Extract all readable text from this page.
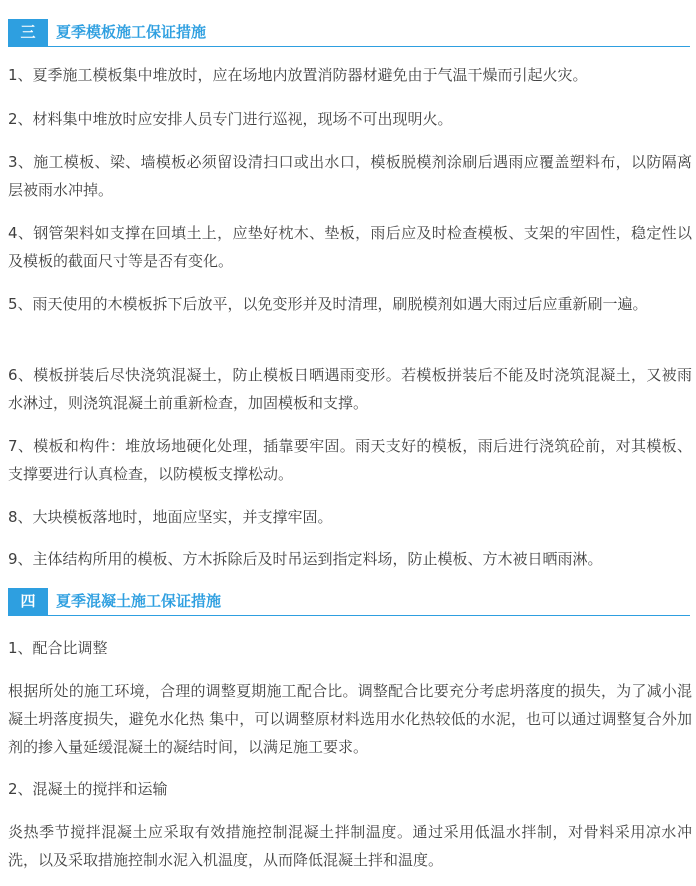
三	夏季模板施工保证措施

1、夏季施工模板集中堆放时，应在场地内放置消防器材避免由于气温干燥而引起火灾。

2、材料集中堆放时应安排人员专门进行巡视，现场不可出现明火。

3、施工模板、梁、墙模板必须留设清扫口或出水口，模板脱模剂涂刷后遇雨应覆盖塑料布，以防隔离层被雨水冲掉。

4、钢管架料如支撑在回填土上，应垫好枕木、垫板，雨后应及时检查模板、支架的牢固性，稳定性以及模板的截面尺寸等是否有变化。

5、雨天使用的木模板拆下后放平，以免变形并及时清理，刷脱模剂如遇大雨过后应重新刷一遍。

6、模板拼装后尽快浇筑混凝土，防止模板日晒遇雨变形。若模板拼装后不能及时浇筑混凝土，又被雨水淋过，则浇筑混凝土前重新检查，加固模板和支撑。

7、模板和构件：堆放场地硬化处理，插靠要牢固。雨天支好的模板，雨后进行浇筑砼前，对其模板、支撑要进行认真检查，以防模板支撑松动。

8、大块模板落地时，地面应坚实，并支撑牢固。

9、主体结构所用的模板、方木拆除后及时吊运到指定料场，防止模板、方木被日晒雨淋。

四	夏季混凝土施工保证措施

1、配合比调整

根据所处的施工环境，合理的调整夏期施工配合比。调整配合比要充分考虑坍落度的损失，为了减小混凝土坍落度损失，避免水化热 集中，可以调整原材料选用水化热较低的水泥，也可以通过调整复合外加剂的掺入量延缓混凝土的凝结时间，以满足施工要求。

2、混凝土的搅拌和运输

炎热季节搅拌混凝土应采取有效措施控制混凝土拌制温度。通过采用低温水拌制，对骨料采用凉水冲洗，以及采取措施控制水泥入机温度，从而降低混凝土拌和温度。
